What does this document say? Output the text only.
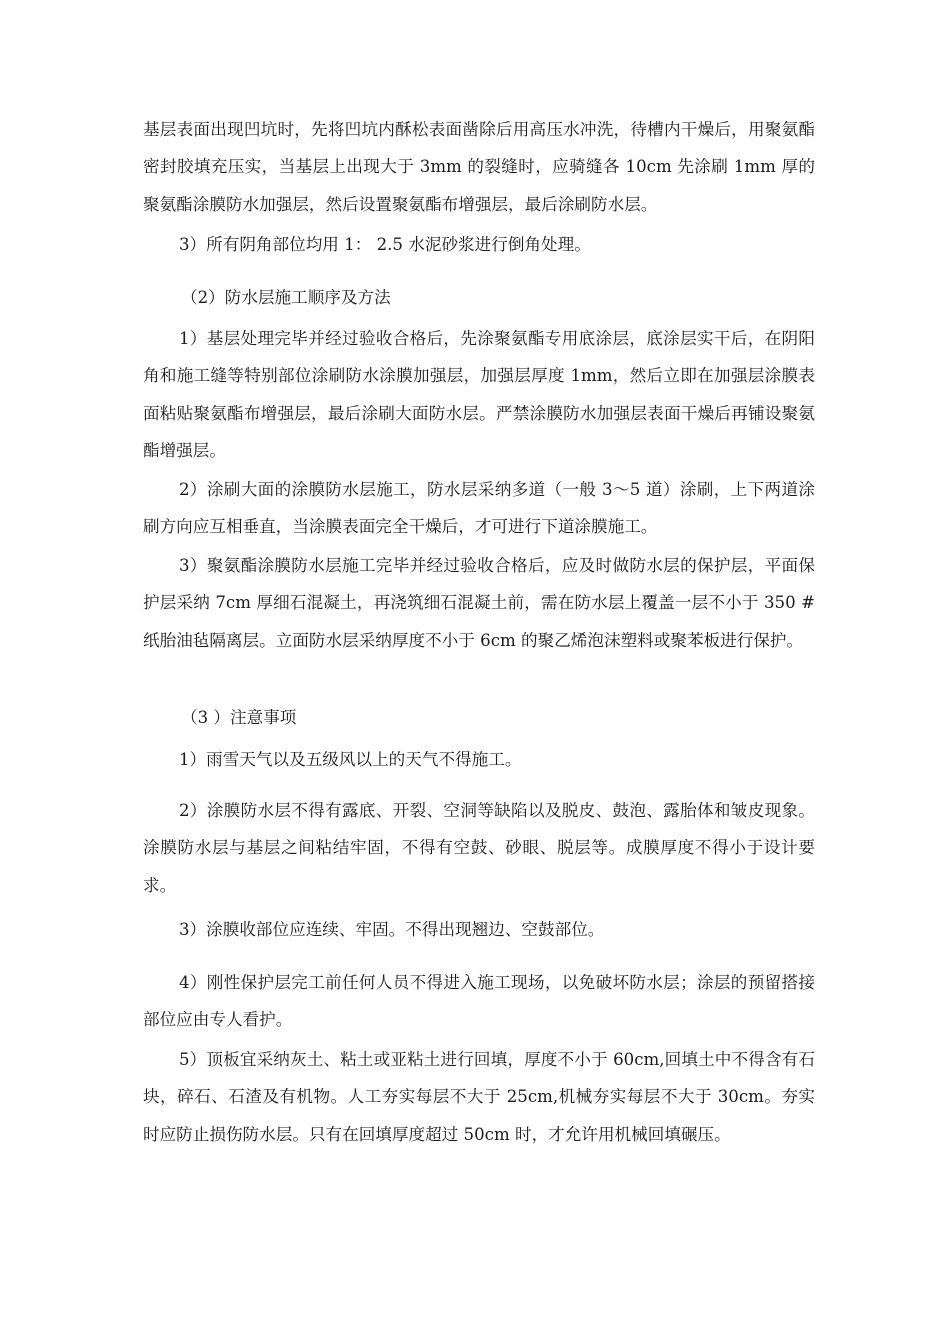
基层表面出现凹坑时，先将凹坑内酥松表面凿除后用高压水冲洗，待槽内干燥后，用聚氨酯密封胶填充压实，当基层上出现大于 3mm 的裂缝时，应骑缝各 10cm 先涂刷 1mm 厚的聚氨酯涂膜防水加强层，然后设置聚氨酯布增强层，最后涂刷防水层。

3）所有阴角部位均用 1： 2.5 水泥砂浆进行倒角处理。

（2）防水层施工顺序及方法

1）基层处理完毕并经过验收合格后，先涂聚氨酯专用底涂层，底涂层实干后，在阴阳角和施工缝等特别部位涂刷防水涂膜加强层，加强层厚度 1mm，然后立即在加强层涂膜表面粘贴聚氨酯布增强层，最后涂刷大面防水层。严禁涂膜防水加强层表面干燥后再铺设聚氨酯增强层。

2）涂刷大面的涂膜防水层施工，防水层采纳多道（一般 3〜5 道）涂刷，上下两道涂刷方向应互相垂直，当涂膜表面完全干燥后，才可进行下道涂膜施工。

3）聚氨酯涂膜防水层施工完毕并经过验收合格后，应及时做防水层的保护层，平面保护层采纳 7cm 厚细石混凝土，再浇筑细石混凝土前，需在防水层上覆盖一层不小于 350 #纸胎油毡隔离层。立面防水层采纳厚度不小于 6cm 的聚乙烯泡沫塑料或聚苯板进行保护。

（3 ）注意事项

1）雨雪天气以及五级风以上的天气不得施工。

2）涂膜防水层不得有露底、开裂、空洞等缺陷以及脱皮、鼓泡、露胎体和皱皮现象。涂膜防水层与基层之间粘结牢固，不得有空鼓、砂眼、脱层等。成膜厚度不得小于设计要求。

3）涂膜收部位应连续、牢固。不得出现翘边、空鼓部位。

4）刚性保护层完工前任何人员不得进入施工现场，以免破坏防水层；涂层的预留搭接部位应由专人看护。

5）顶板宜采纳灰土、粘土或亚粘土进行回填，厚度不小于 60cm,回填土中不得含有石块，碎石、石渣及有机物。人工夯实每层不大于 25cm,机械夯实每层不大于 30cm。夯实时应防止损伤防水层。只有在回填厚度超过 50cm 时，才允许用机械回填碾压。
